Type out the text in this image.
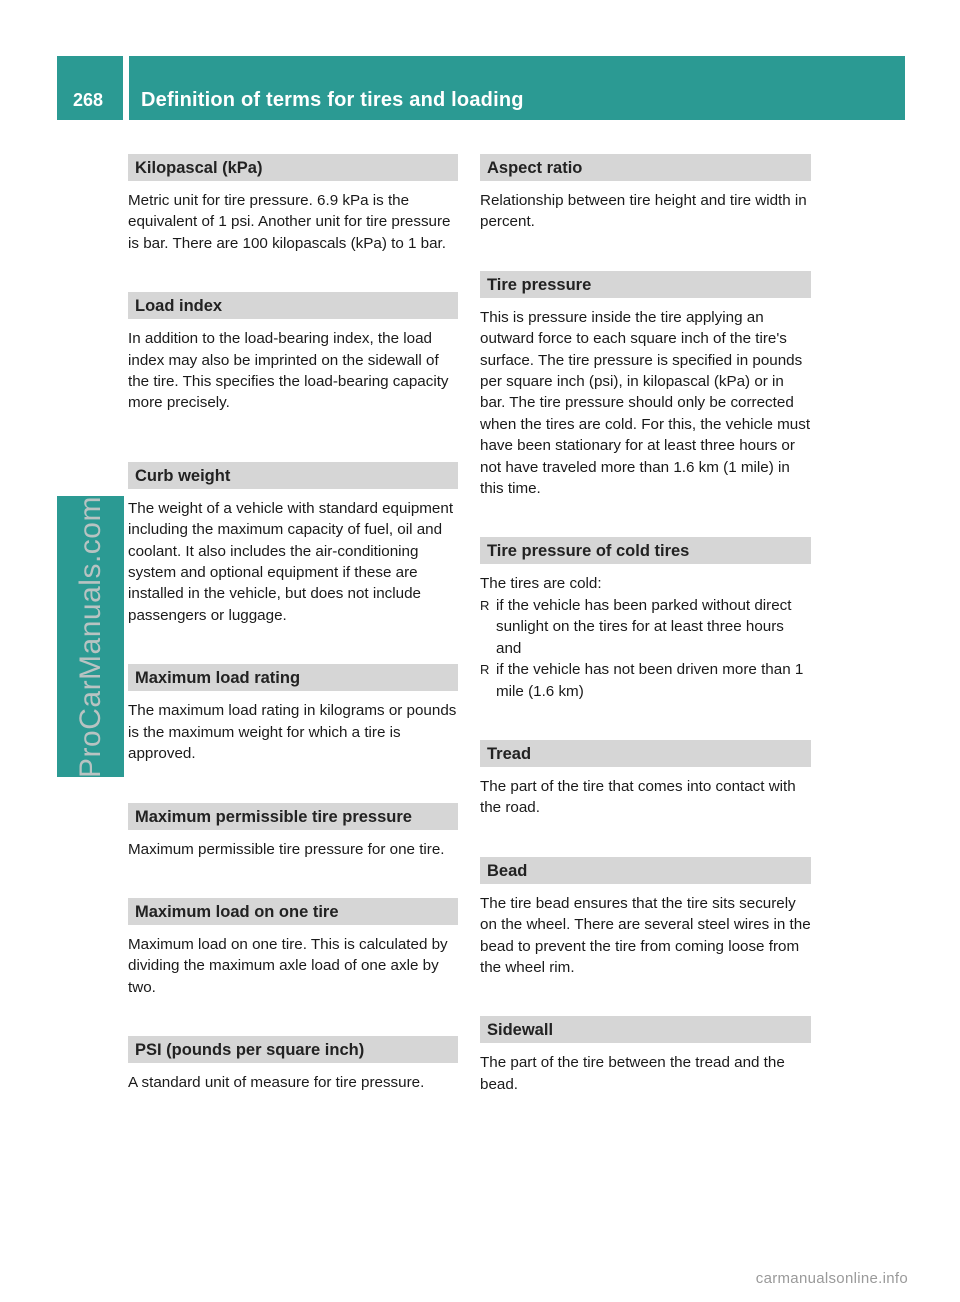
268	Definition of terms for tires and loading
ProCarManuals.com
Kilopascal (kPa)
Metric unit for tire pressure. 6.9 kPa is the equivalent of 1 psi. Another unit for tire pressure is bar. There are 100 kilopascals (kPa) to 1 bar.
Load index
In addition to the load-bearing index, the load index may also be imprinted on the sidewall of the tire. This specifies the load-bearing capacity more precisely.
Curb weight
The weight of a vehicle with standard equipment including the maximum capacity of fuel, oil and coolant. It also includes the air-conditioning system and optional equipment if these are installed in the vehicle, but does not include passengers or luggage.
Maximum load rating
The maximum load rating in kilograms or pounds is the maximum weight for which a tire is approved.
Maximum permissible tire pressure
Maximum permissible tire pressure for one tire.
Maximum load on one tire
Maximum load on one tire. This is calculated by dividing the maximum axle load of one axle by two.
PSI (pounds per square inch)
A standard unit of measure for tire pressure.
Aspect ratio
Relationship between tire height and tire width in percent.
Tire pressure
This is pressure inside the tire applying an outward force to each square inch of the tire's surface. The tire pressure is specified in pounds per square inch (psi), in kilopascal (kPa) or in bar. The tire pressure should only be corrected when the tires are cold. For this, the vehicle must have been stationary for at least three hours or not have traveled more than 1.6 km (1 mile) in this time.
Tire pressure of cold tires
The tires are cold:
R if the vehicle has been parked without direct sunlight on the tires for at least three hours and
R if the vehicle has not been driven more than 1 mile (1.6 km)
Tread
The part of the tire that comes into contact with the road.
Bead
The tire bead ensures that the tire sits securely on the wheel. There are several steel wires in the bead to prevent the tire from coming loose from the wheel rim.
Sidewall
The part of the tire between the tread and the bead.
carmanualsonline.info
